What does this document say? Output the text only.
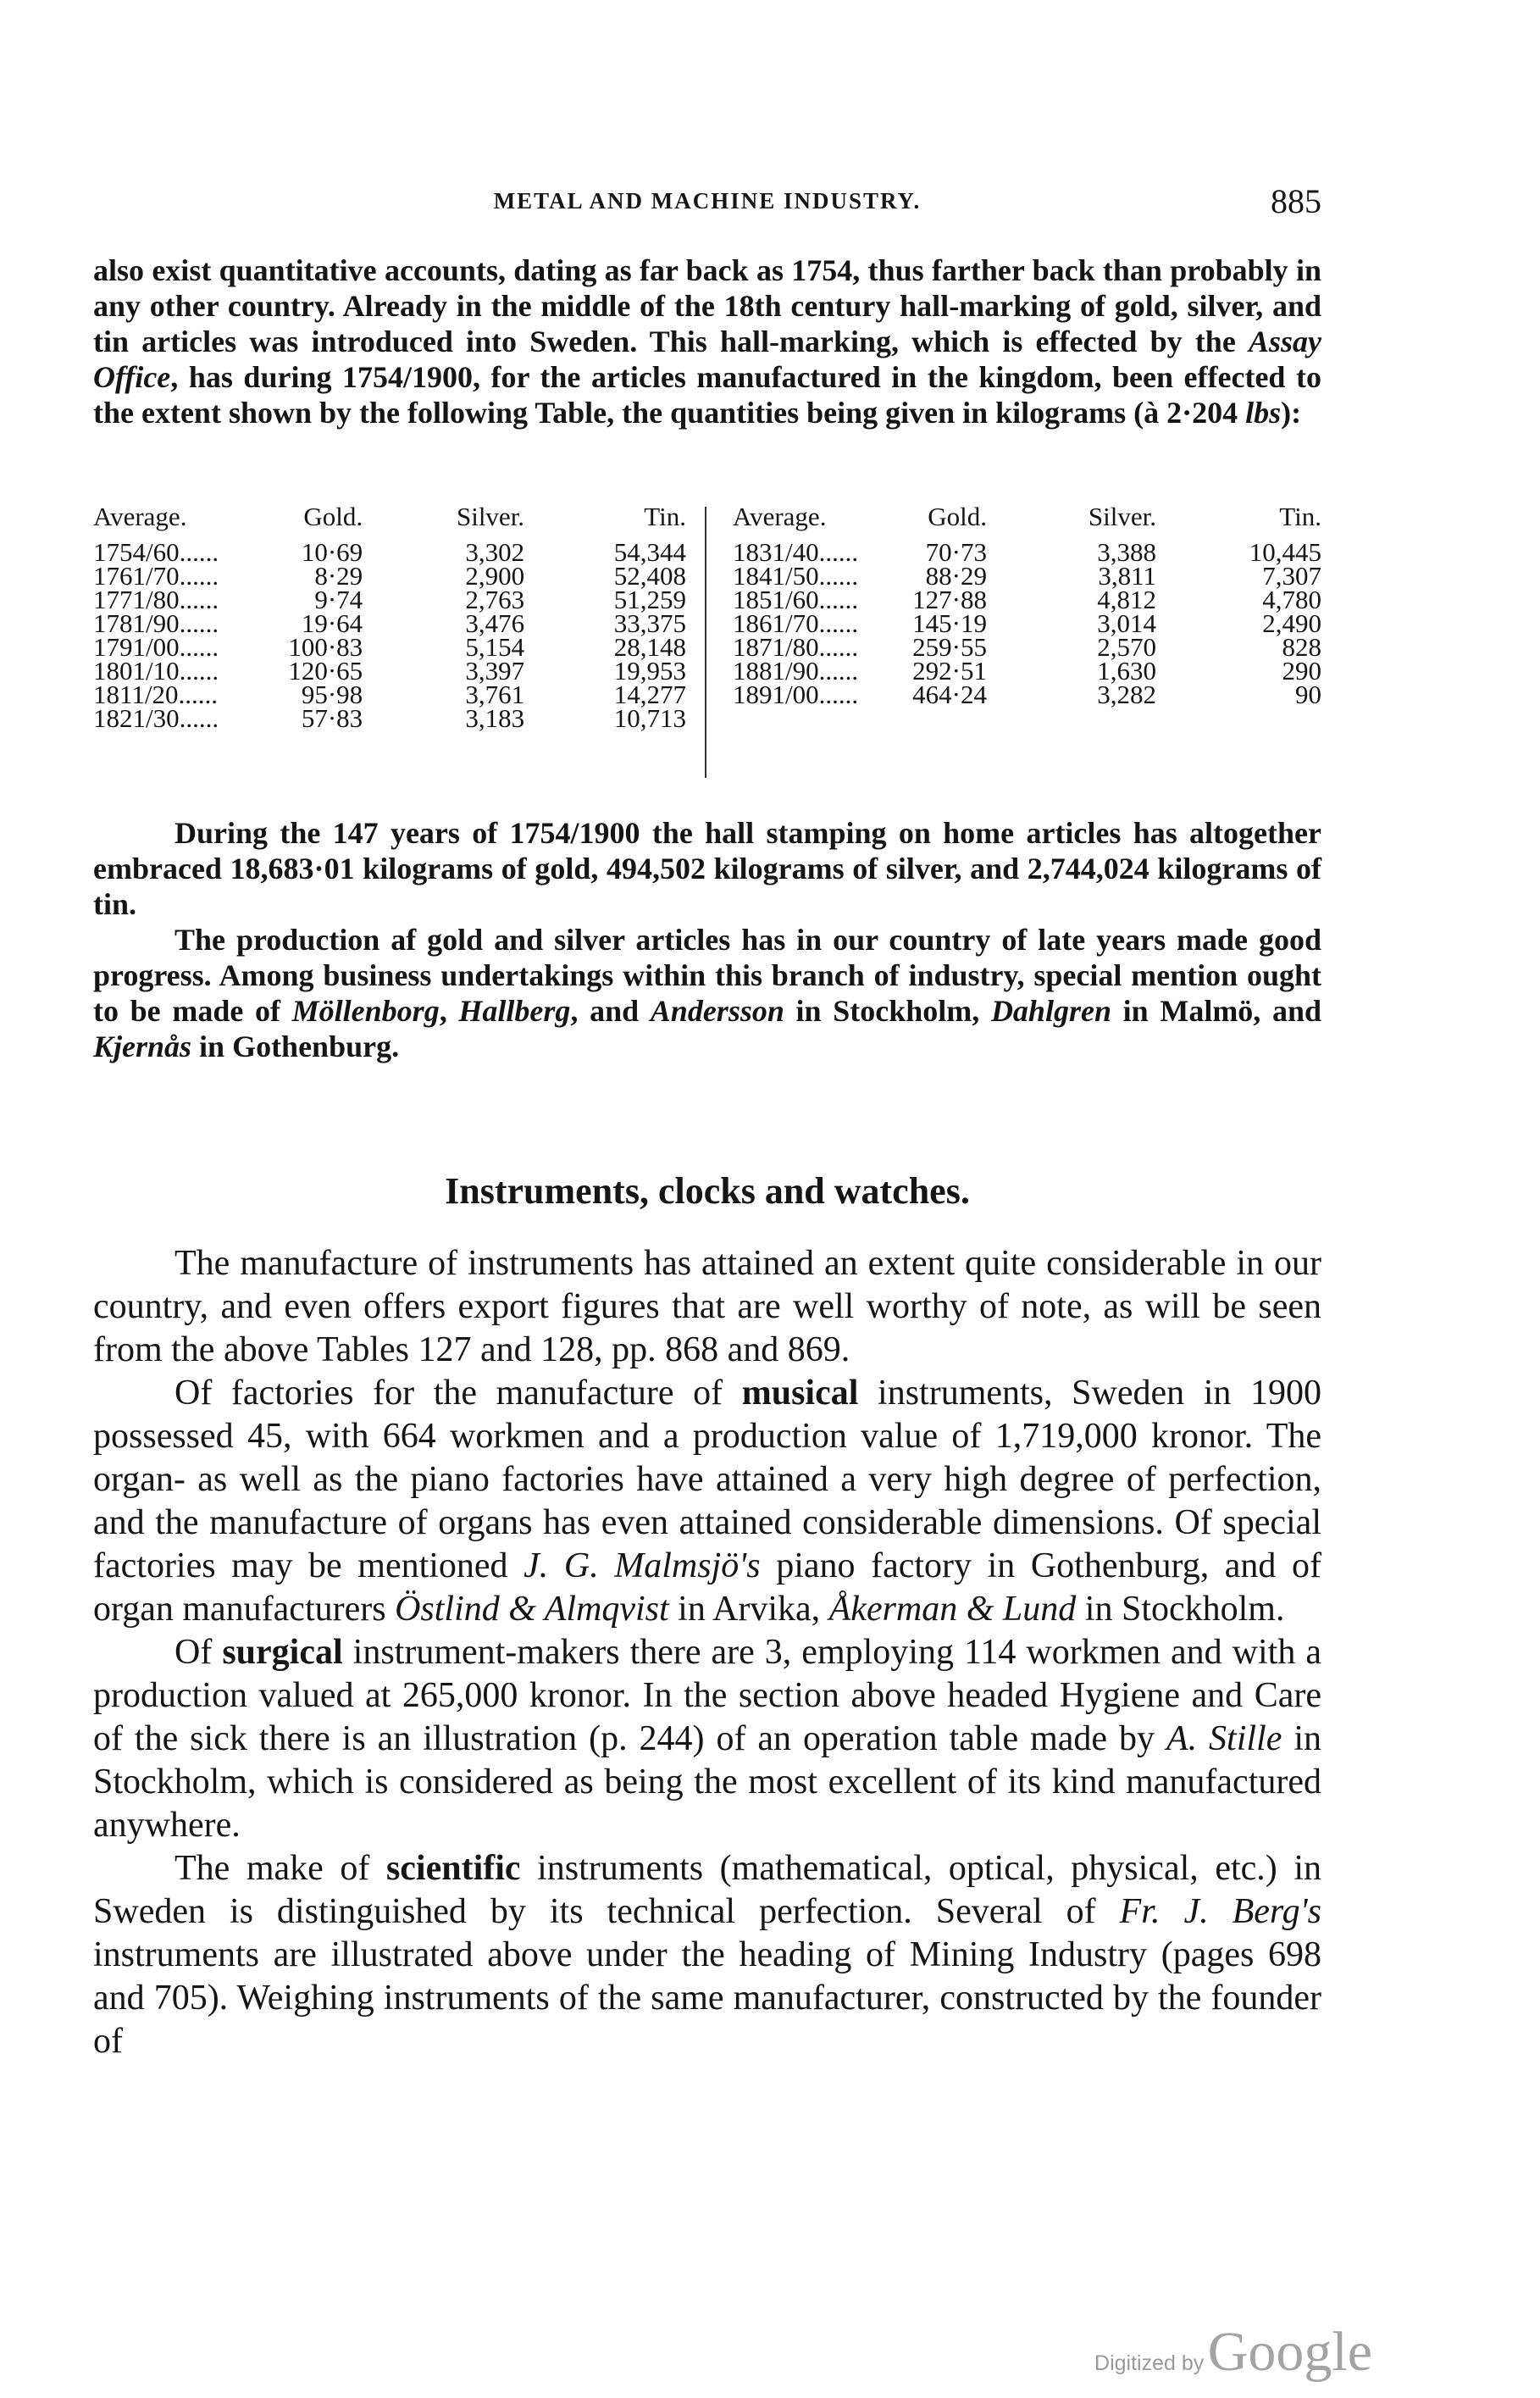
METAL AND MACHINE INDUSTRY.	885

also exist quantitative accounts, dating as far back as 1754, thus farther back than probably in any other country. Already in the middle of the 18th century hall-marking of gold, silver, and tin articles was introduced into Sweden. This hall-marking, which is effected by the Assay Office, has during 1754/1900, for the articles manufactured in the kingdom, been effected to the extent shown by the following Table, the quantities being given in kilograms (à 2·204 lbs):

Average.	Gold.	Silver.	Tin.
1754/60......	10·69	3,302	54,344
1761/70......	8·29	2,900	52,408
1771/80......	9·74	2,763	51,259
1781/90......	19·64	3,476	33,375
1791/00......	100·83	5,154	28,148
1801/10......	120·65	3,397	19,953
1811/20......	95·98	3,761	14,277
1821/30......	57·83	3,183	10,713
Average.	Gold.	Silver.	Tin.
1831/40......	70·73	3,388	10,445
1841/50......	88·29	3,811	7,307
1851/60......	127·88	4,812	4,780
1861/70......	145·19	3,014	2,490
1871/80......	259·55	2,570	828
1881/90......	292·51	1,630	290
1891/00......	464·24	3,282	90

During the 147 years of 1754/1900 the hall stamping on home articles has altogether embraced 18,683·01 kilograms of gold, 494,502 kilograms of silver, and 2,744,024 kilograms of tin.

The production af gold and silver articles has in our country of late years made good progress. Among business undertakings within this branch of industry, special mention ought to be made of Möllenborg, Hallberg, and Andersson in Stockholm, Dahlgren in Malmö, and Kjernås in Gothenburg.

Instruments, clocks and watches.

The manufacture of instruments has attained an extent quite considerable in our country, and even offers export figures that are well worthy of note, as will be seen from the above Tables 127 and 128, pp. 868 and 869.

Of factories for the manufacture of musical instruments, Sweden in 1900 possessed 45, with 664 workmen and a production value of 1,719,000 kronor. The organ- as well as the piano factories have attained a very high degree of perfection, and the manufacture of organs has even attained considerable dimensions. Of special factories may be mentioned J. G. Malmsjö's piano factory in Gothenburg, and of organ manufacturers Östlind & Almqvist in Arvika, Åkerman & Lund in Stockholm.

Of surgical instrument-makers there are 3, employing 114 workmen and with a production valued at 265,000 kronor. In the section above headed Hygiene and Care of the sick there is an illustration (p. 244) of an operation table made by A. Stille in Stockholm, which is considered as being the most excellent of its kind manufactured anywhere.

The make of scientific instruments (mathematical, optical, physical, etc.) in Sweden is distinguished by its technical perfection. Several of Fr. J. Berg's instruments are illustrated above under the heading of Mining Industry (pages 698 and 705). Weighing instruments of the same manufacturer, constructed by the founder of

Digitized by Google
